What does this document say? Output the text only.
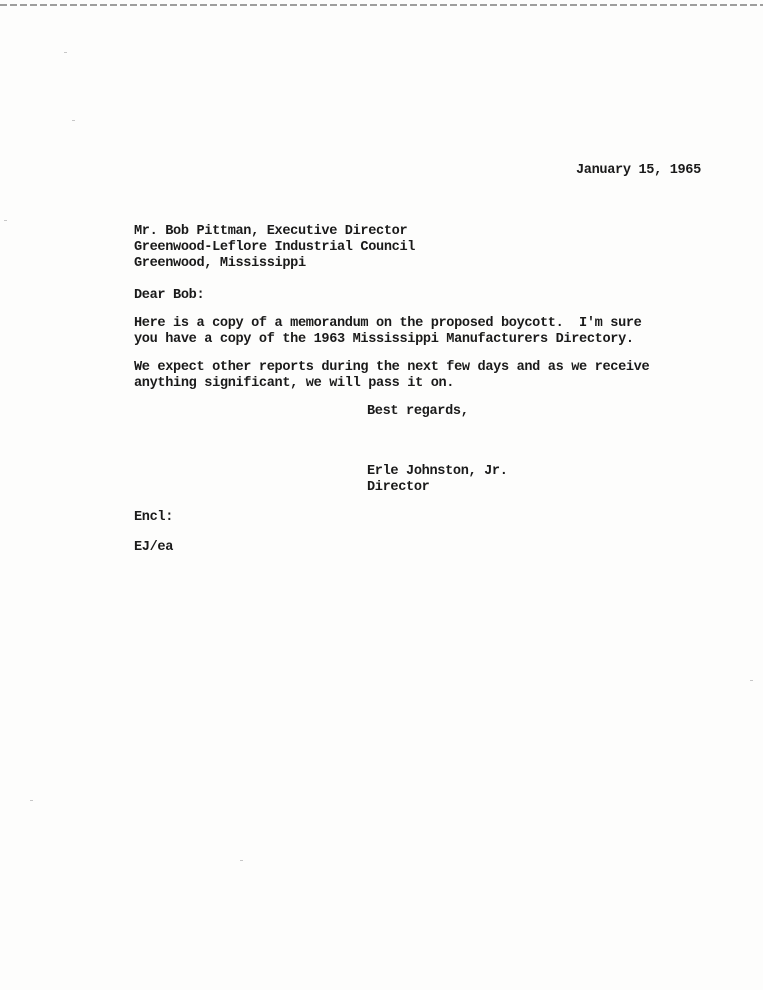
January 15, 1965

Mr. Bob Pittman, Executive Director

Greenwood-Leflore Industrial Council

Greenwood, Mississippi

Dear Bob:

Here is a copy of a memorandum on the proposed boycott.  I'm sure

you have a copy of the 1963 Mississippi Manufacturers Directory.

We expect other reports during the next few days and as we receive

anything significant, we will pass it on.

Best regards,

Erle Johnston, Jr.

Director

Encl:

EJ/ea
